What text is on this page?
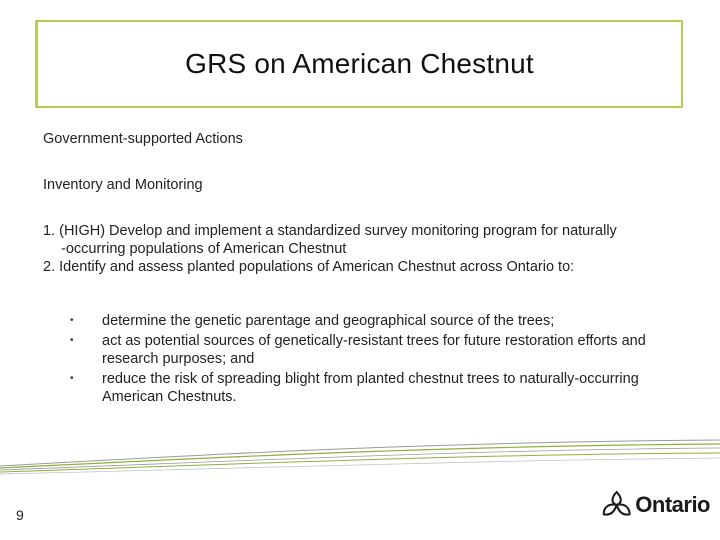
GRS on American Chestnut

Government-supported Actions

Inventory and Monitoring

1. (HIGH) Develop and implement a standardized survey monitoring program for naturally
-occurring populations of American Chestnut
2. Identify and assess planted populations of American Chestnut across Ontario to:
• determine the genetic parentage and geographical source of the trees;
• act as potential sources of genetically-resistant trees for future restoration efforts and research purposes; and
• reduce the risk of spreading blight from planted chestnut trees to naturally-occurring American Chestnuts.
9	Ontario
